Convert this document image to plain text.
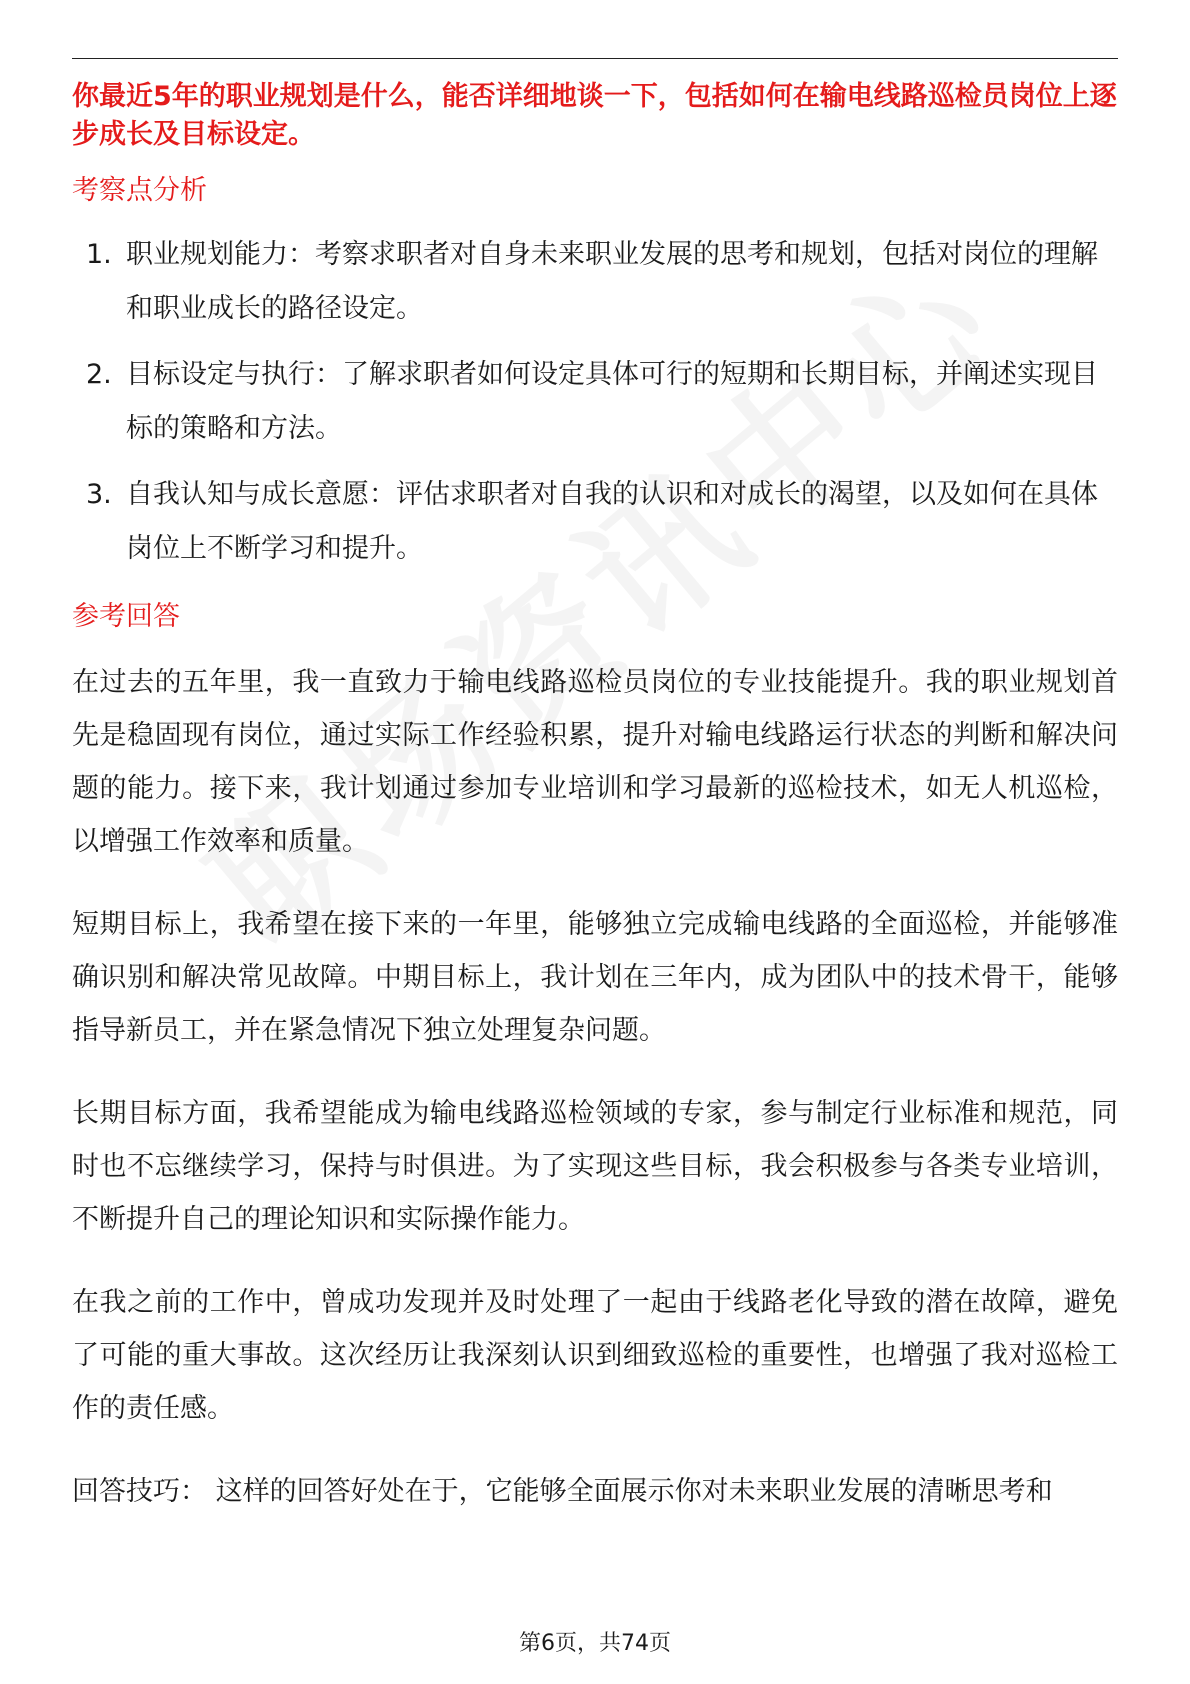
你最近5年的职业规划是什么，能否详细地谈一下，包括如何在输电线路巡检员岗位上逐步成长及目标设定。

考察点分析

1. 职业规划能力：考察求职者对自身未来职业发展的思考和规划，包括对岗位的理解和职业成长的路径设定。
2. 目标设定与执行：了解求职者如何设定具体可行的短期和长期目标，并阐述实现目标的策略和方法。
3. 自我认知与成长意愿：评估求职者对自我的认识和对成长的渴望，以及如何在具体岗位上不断学习和提升。

参考回答

在过去的五年里，我一直致力于输电线路巡检员岗位的专业技能提升。我的职业规划首先是稳固现有岗位，通过实际工作经验积累，提升对输电线路运行状态的判断和解决问题的能力。接下来，我计划通过参加专业培训和学习最新的巡检技术，如无人机巡检，以增强工作效率和质量。

短期目标上，我希望在接下来的一年里，能够独立完成输电线路的全面巡检，并能够准确识别和解决常见故障。中期目标上，我计划在三年内，成为团队中的技术骨干，能够指导新员工，并在紧急情况下独立处理复杂问题。

长期目标方面，我希望能成为输电线路巡检领域的专家，参与制定行业标准和规范，同时也不忘继续学习，保持与时俱进。为了实现这些目标，我会积极参与各类专业培训，不断提升自己的理论知识和实际操作能力。

在我之前的工作中，曾成功发现并及时处理了一起由于线路老化导致的潜在故障，避免了可能的重大事故。这次经历让我深刻认识到细致巡检的重要性，也增强了我对巡检工作的责任感。

回答技巧： 这样的回答好处在于，它能够全面展示你对未来职业发展的清晰思考和

第6页，共74页
